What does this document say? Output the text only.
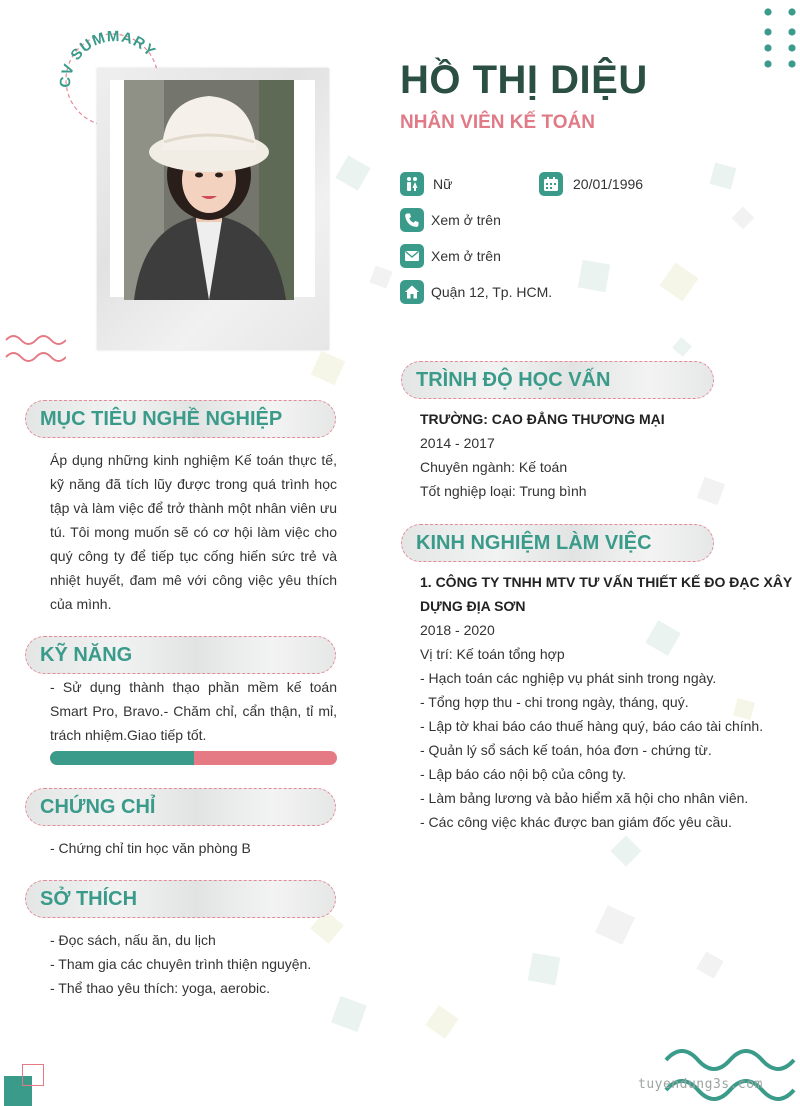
CV SUMMARY
HỒ THỊ DIỆU
NHÂN VIÊN KẾ TOÁN
Nữ	20/01/1996
Xem ở trên
Xem ở trên
Quận 12, Tp. HCM.
MỤC TIÊU NGHỀ NGHIỆP
Áp dụng những kinh nghiệm Kế toán thực tế, kỹ năng đã tích lũy được trong quá trình học tập và làm việc để trở thành một nhân viên ưu tú. Tôi mong muốn sẽ có cơ hội làm việc cho quý công ty để tiếp tục cống hiến sức trẻ và nhiệt huyết, đam mê với công việc yêu thích của mình.
KỸ NĂNG
- Sử dụng thành thạo phần mềm kế toán Smart Pro, Bravo.- Chăm chỉ, cẩn thận, tỉ mỉ, trách nhiệm.Giao tiếp tốt.
CHỨNG CHỈ
- Chứng chỉ tin học văn phòng B
SỞ THÍCH
- Đọc sách, nấu ăn, du lịch
- Tham gia các chuyên trình thiện nguyện.
- Thể thao yêu thích: yoga, aerobic.
TRÌNH ĐỘ HỌC VẤN
TRƯỜNG: CAO ĐẲNG THƯƠNG MẠI
2014 - 2017
Chuyên ngành: Kế toán
Tốt nghiệp loại: Trung bình
KINH NGHIỆM LÀM VIỆC
1. CÔNG TY TNHH MTV TƯ VẤN THIẾT KẾ ĐO ĐẠC XÂY
DỰNG ĐỊA SƠN
2018 - 2020
Vị trí: Kế toán tổng hợp
- Hạch toán các nghiệp vụ phát sinh trong ngày.
- Tổng hợp thu - chi trong ngày, tháng, quý.
- Lập tờ khai báo cáo thuế hàng quý, báo cáo tài chính.
- Quản lý sổ sách kế toán, hóa đơn - chứng từ.
- Lập báo cáo nội bộ của công ty.
- Làm bảng lương và bảo hiểm xã hội cho nhân viên.
- Các công việc khác được ban giám đốc yêu cầu.
tuyendung3s.com
